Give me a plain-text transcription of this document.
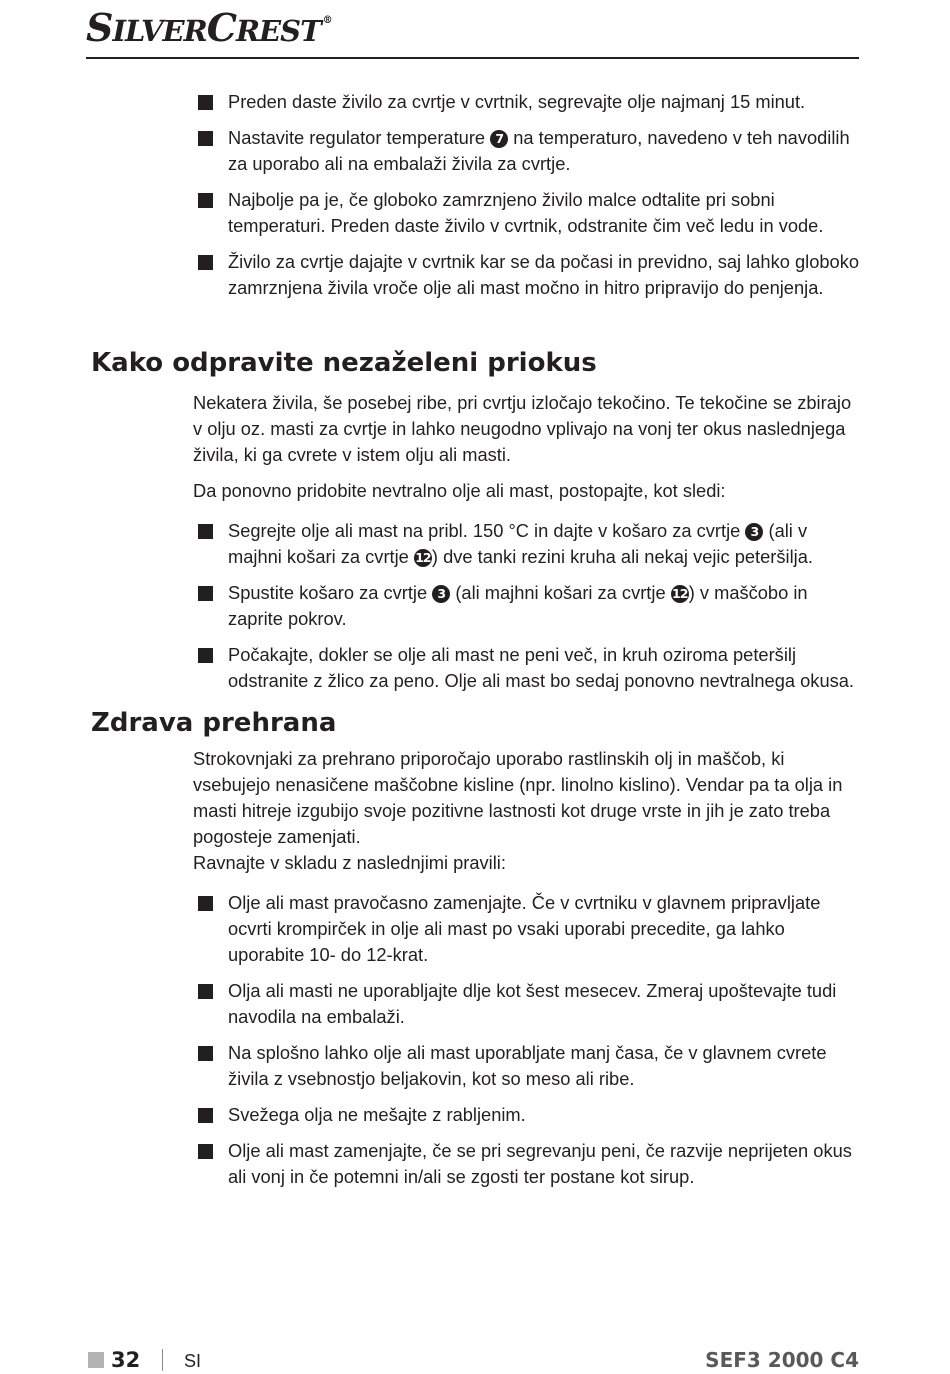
SILVERCREST ®
Preden daste živilo za cvrtje v cvrtnik, segrevajte olje najmanj 15 minut.
Nastavite regulator temperature 7 na temperaturo, navedeno v teh navodilih za uporabo ali na embalaži živila za cvrtje.
Najbolje pa je, če globoko zamrznjeno živilo malce odtalite pri sobni temperaturi. Preden daste živilo v cvrtnik, odstranite čim več ledu in vode.
Živilo za cvrtje dajajte v cvrtnik kar se da počasi in previdno, saj lahko globoko zamrznjena živila vroče olje ali mast močno in hitro pripravijo do penjenja.
Kako odpravite nezaželeni priokus

Nekatera živila, še posebej ribe, pri cvrtju izločajo tekočino. Te tekočine se zbirajo v olju oz. masti za cvrtje in lahko neugodno vplivajo na vonj ter okus naslednjega živila, ki ga cvrete v istem olju ali masti.

Da ponovno pridobite nevtralno olje ali mast, postopajte, kot sledi:

Segrejte olje ali mast na pribl. 150 °C in dajte v košaro za cvrtje 3 (ali v majhni košari za cvrtje 12) dve tanki rezini kruha ali nekaj vejic peteršilja.
Spustite košaro za cvrtje 3 (ali majhni košari za cvrtje 12) v maščobo in zaprite pokrov.
Počakajte, dokler se olje ali mast ne peni več, in kruh oziroma peteršilj odstranite z žlico za peno. Olje ali mast bo sedaj ponovno nevtralnega okusa.
Zdrava prehrana

Strokovnjaki za prehrano priporočajo uporabo rastlinskih olj in maščob, ki vsebujejo nenasičene maščobne kisline (npr. linolno kislino). Vendar pa ta olja in masti hitreje izgubijo svoje pozitivne lastnosti kot druge vrste in jih je zato treba pogosteje zamenjati.

Ravnajte v skladu z naslednjimi pravili:

Olje ali mast pravočasno zamenjajte. Če v cvrtniku v glavnem pripravljate ocvrti krompirček in olje ali mast po vsaki uporabi precedite, ga lahko uporabite 10- do 12-krat.
Olja ali masti ne uporabljajte dlje kot šest mesecev. Zmeraj upoštevajte tudi navodila na embalaži.
Na splošno lahko olje ali mast uporabljate manj časa, če v glavnem cvrete živila z vsebnostjo beljakovin, kot so meso ali ribe.
Svežega olja ne mešajte z rabljenim.
Olje ali mast zamenjajte, če se pri segrevanju peni, če razvije neprijeten okus ali vonj in če potemni in/ali se zgosti ter postane kot sirup.
32 SI	SEF3 2000 C4
